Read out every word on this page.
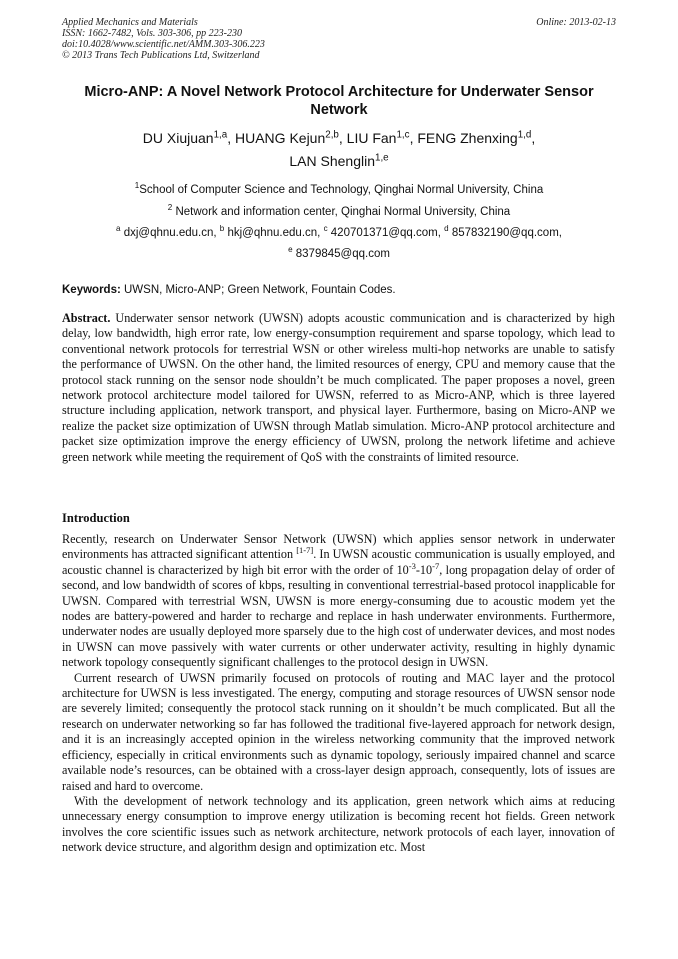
Applied Mechanics and Materials
ISSN: 1662-7482, Vols. 303-306, pp 223-230
doi:10.4028/www.scientific.net/AMM.303-306.223
© 2013 Trans Tech Publications Ltd, Switzerland
Online: 2013-02-13
Micro-ANP: A Novel Network Protocol Architecture for Underwater Sensor Network
DU Xiujuan$^{1,a}$, HUANG Kejun$^{2,b}$, LIU Fan$^{1,c}$, FENG Zhenxing$^{1,d}$,
LAN Shenglin$^{1,e}$
$^1$School of Computer Science and Technology, Qinghai Normal University, China
$^2$ Network and information center, Qinghai Normal University, China
$^a$ dxj@qhnu.edu.cn, $^b$ hkj@qhnu.edu.cn, $^c$ 420701371@qq.com, $^d$ 857832190@qq.com,
$^e$ 8379845@qq.com
Keywords: UWSN, Micro-ANP; Green Network, Fountain Codes.
Abstract. Underwater sensor network (UWSN) adopts acoustic communication and is characterized by high delay, low bandwidth, high error rate, low energy-consumption requirement and sparse topology, which lead to conventional network protocols for terrestrial WSN or other wireless multi-hop networks are unable to satisfy the performance of UWSN. On the other hand, the limited resources of energy, CPU and memory cause that the protocol stack running on the sensor node shouldn’t be much complicated. The paper proposes a novel, green network protocol architecture model tailored for UWSN, referred to as Micro-ANP, which is three layered structure including application, network transport, and physical layer. Furthermore, basing on Micro-ANP we realize the packet size optimization of UWSN through Matlab simulation. Micro-ANP protocol architecture and packet size optimization improve the energy efficiency of UWSN, prolong the network lifetime and achieve green network while meeting the requirement of QoS with the constraints of limited resource.
Introduction

Recently, research on Underwater Sensor Network (UWSN) which applies sensor network in underwater environments has attracted significant attention [1-7]. In UWSN acoustic communication is usually employed, and acoustic channel is characterized by high bit error with the order of $10^{-3}-10^{-7}$, long propagation delay of order of second, and low bandwidth of scores of kbps, resulting in conventional terrestrial-based protocol inapplicable for UWSN. Compared with terrestrial WSN, UWSN is more energy-consuming due to acoustic modem yet the nodes are battery-powered and harder to recharge and replace in hash underwater environments. Furthermore, underwater nodes are usually deployed more sparsely due to the high cost of underwater devices, and most nodes in UWSN can move passively with water currents or other underwater activity, resulting in highly dynamic network topology consequently significant challenges to the protocol design in UWSN.

Current research of UWSN primarily focused on protocols of routing and MAC layer and the protocol architecture for UWSN is less investigated. The energy, computing and storage resources of UWSN sensor node are severely limited; consequently the protocol stack running on it shouldn’t be much complicated. But all the research on underwater networking so far has followed the traditional five-layered approach for network design, and it is an increasingly accepted opinion in the wireless networking community that the improved network efficiency, especially in critical environments such as dynamic topology, seriously impaired channel and scarce available node’s resources, can be obtained with a cross-layer design approach, consequently, lots of issues are raised and hard to overcome.

With the development of network technology and its application, green network which aims at reducing unnecessary energy consumption to improve energy utilization is becoming recent hot fields. Green network involves the core scientific issues such as network architecture, network protocols of each layer, innovation of network device structure, and algorithm design and optimization etc. Most
